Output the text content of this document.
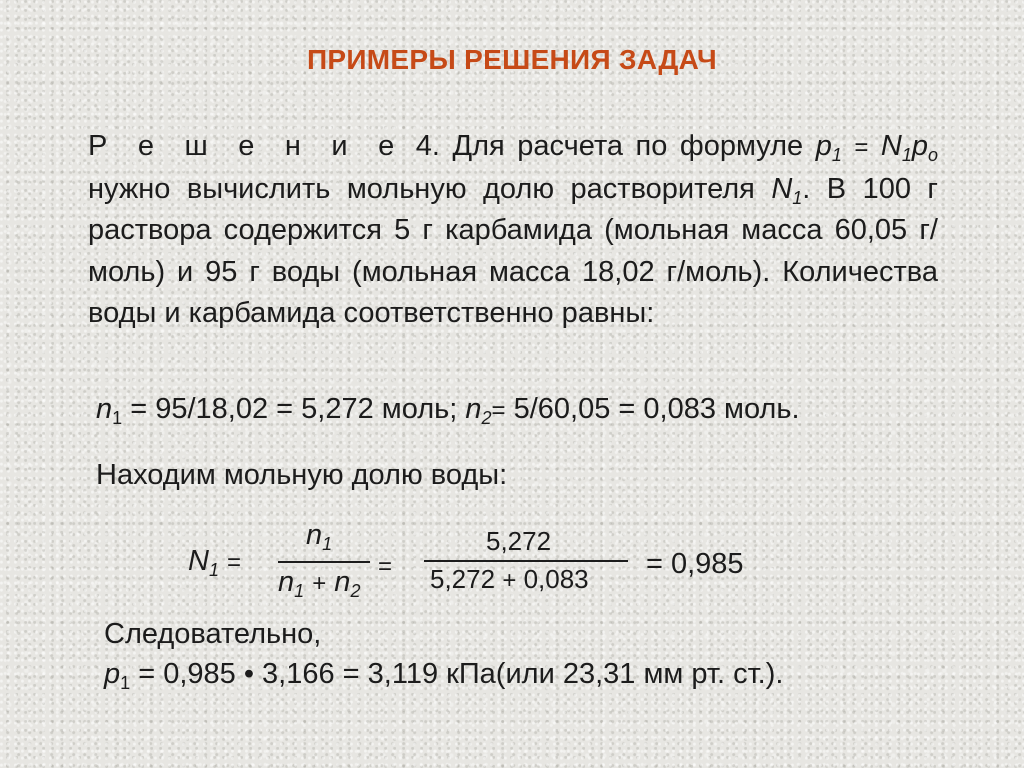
ПРИМЕРЫ РЕШЕНИЯ ЗАДАЧ
Р е ш е н и е 4. Для расчета по формуле $p_1 = N_1p_o$ нужно вычислить мольную долю растворителя $N_1$. В 100 г раствора содержится 5 г карбамида (мольная масса 60,05 г/моль) и 95 г воды (мольная масса 18,02 г/моль). Количества воды и карбамида соответственно равны:
$n_1 = 95/18,02 = 5,272$ моль; $n_2= 5/60,05 = 0,083$ моль.
Находим мольную долю воды:
$N_1$ =
$n_1$
$n_1 + n_2$
=
5,272
5,272 + 0,083 = 0,985
Следовательно,
$p_1 = 0,985$ • 3,166 = 3,119 кПа(или 23,31 мм рт. ст.).
